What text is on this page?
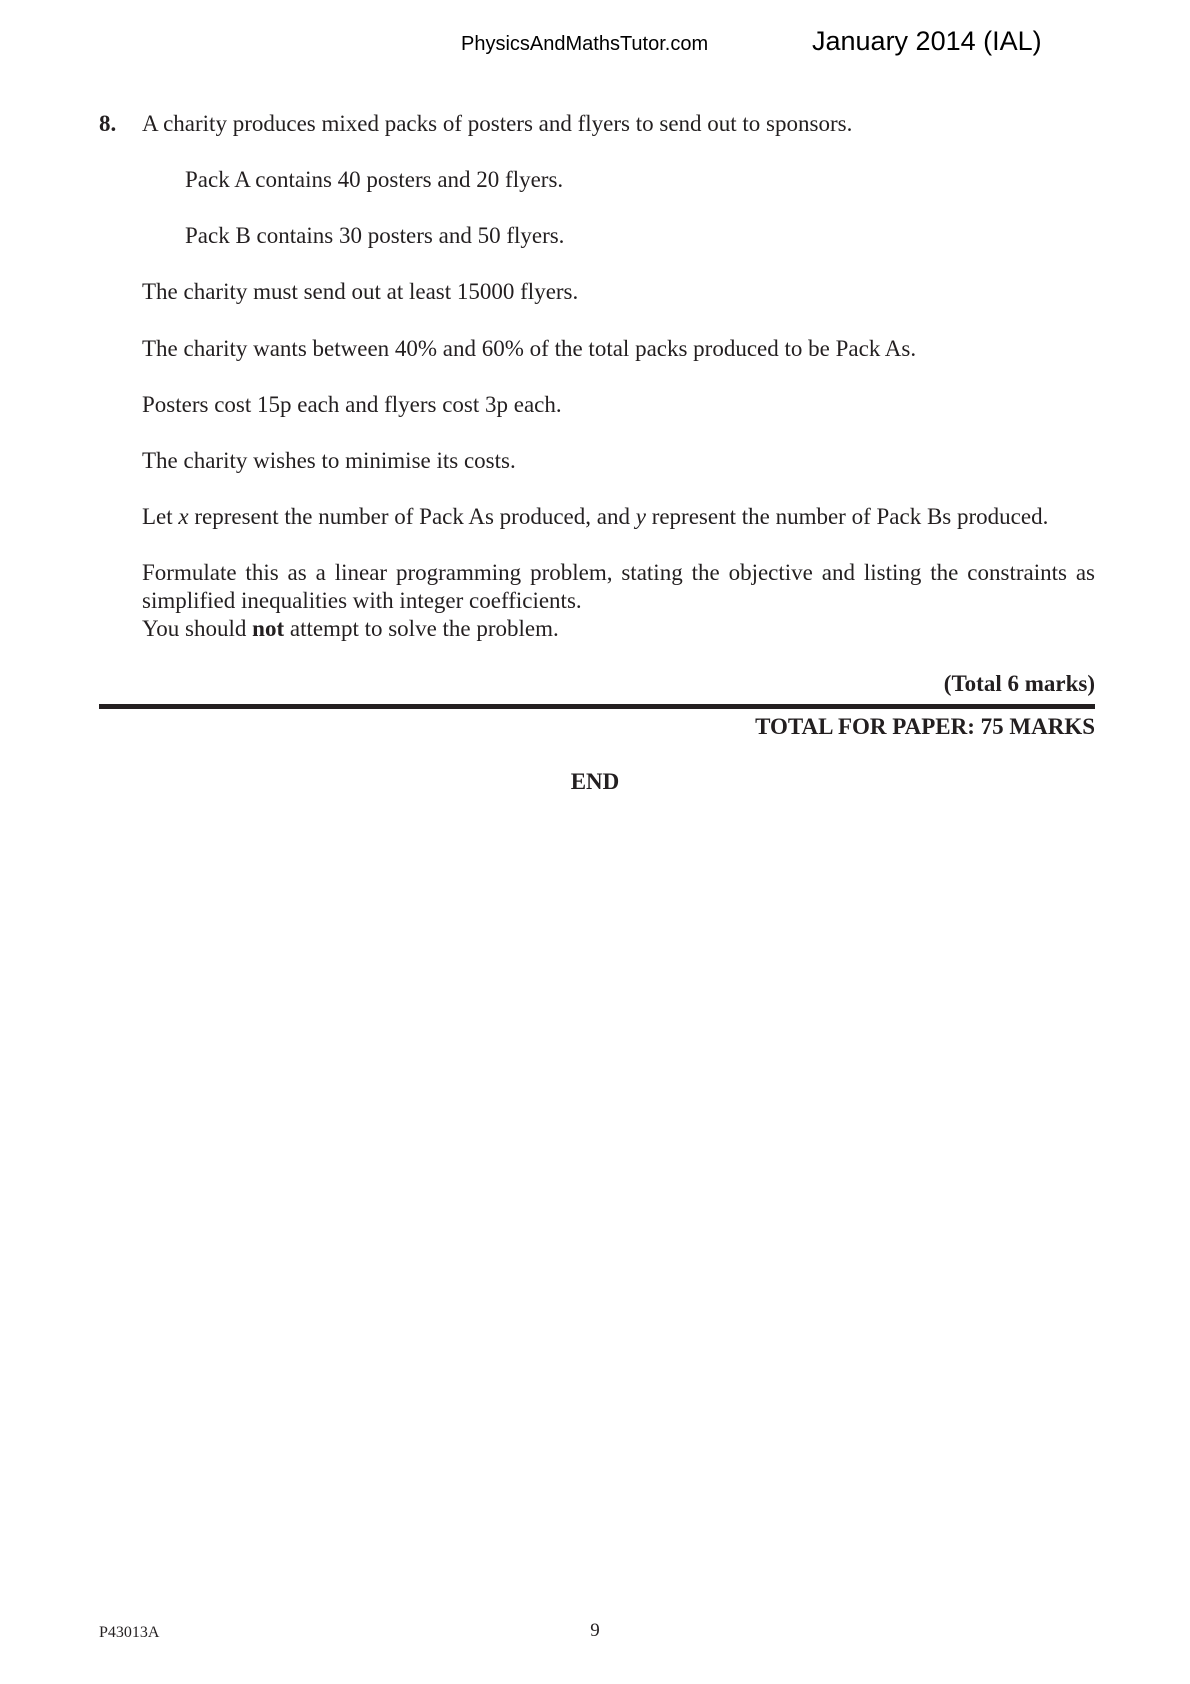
PhysicsAndMathsTutor.com	January 2014 (IAL)
8. A charity produces mixed packs of posters and flyers to send out to sponsors.
Pack A contains 40 posters and 20 flyers.
Pack B contains 30 posters and 50 flyers.
The charity must send out at least 15000 flyers.
The charity wants between 40% and 60% of the total packs produced to be Pack As.
Posters cost 15p each and flyers cost 3p each.
The charity wishes to minimise its costs.
Let x represent the number of Pack As produced, and y represent the number of Pack Bs produced.
Formulate this as a linear programming problem, stating the objective and listing the constraints as
simplified inequalities with integer coefficients.
You should not attempt to solve the problem.
(Total 6 marks)
TOTAL FOR PAPER: 75 MARKS
END
P43013A	9
